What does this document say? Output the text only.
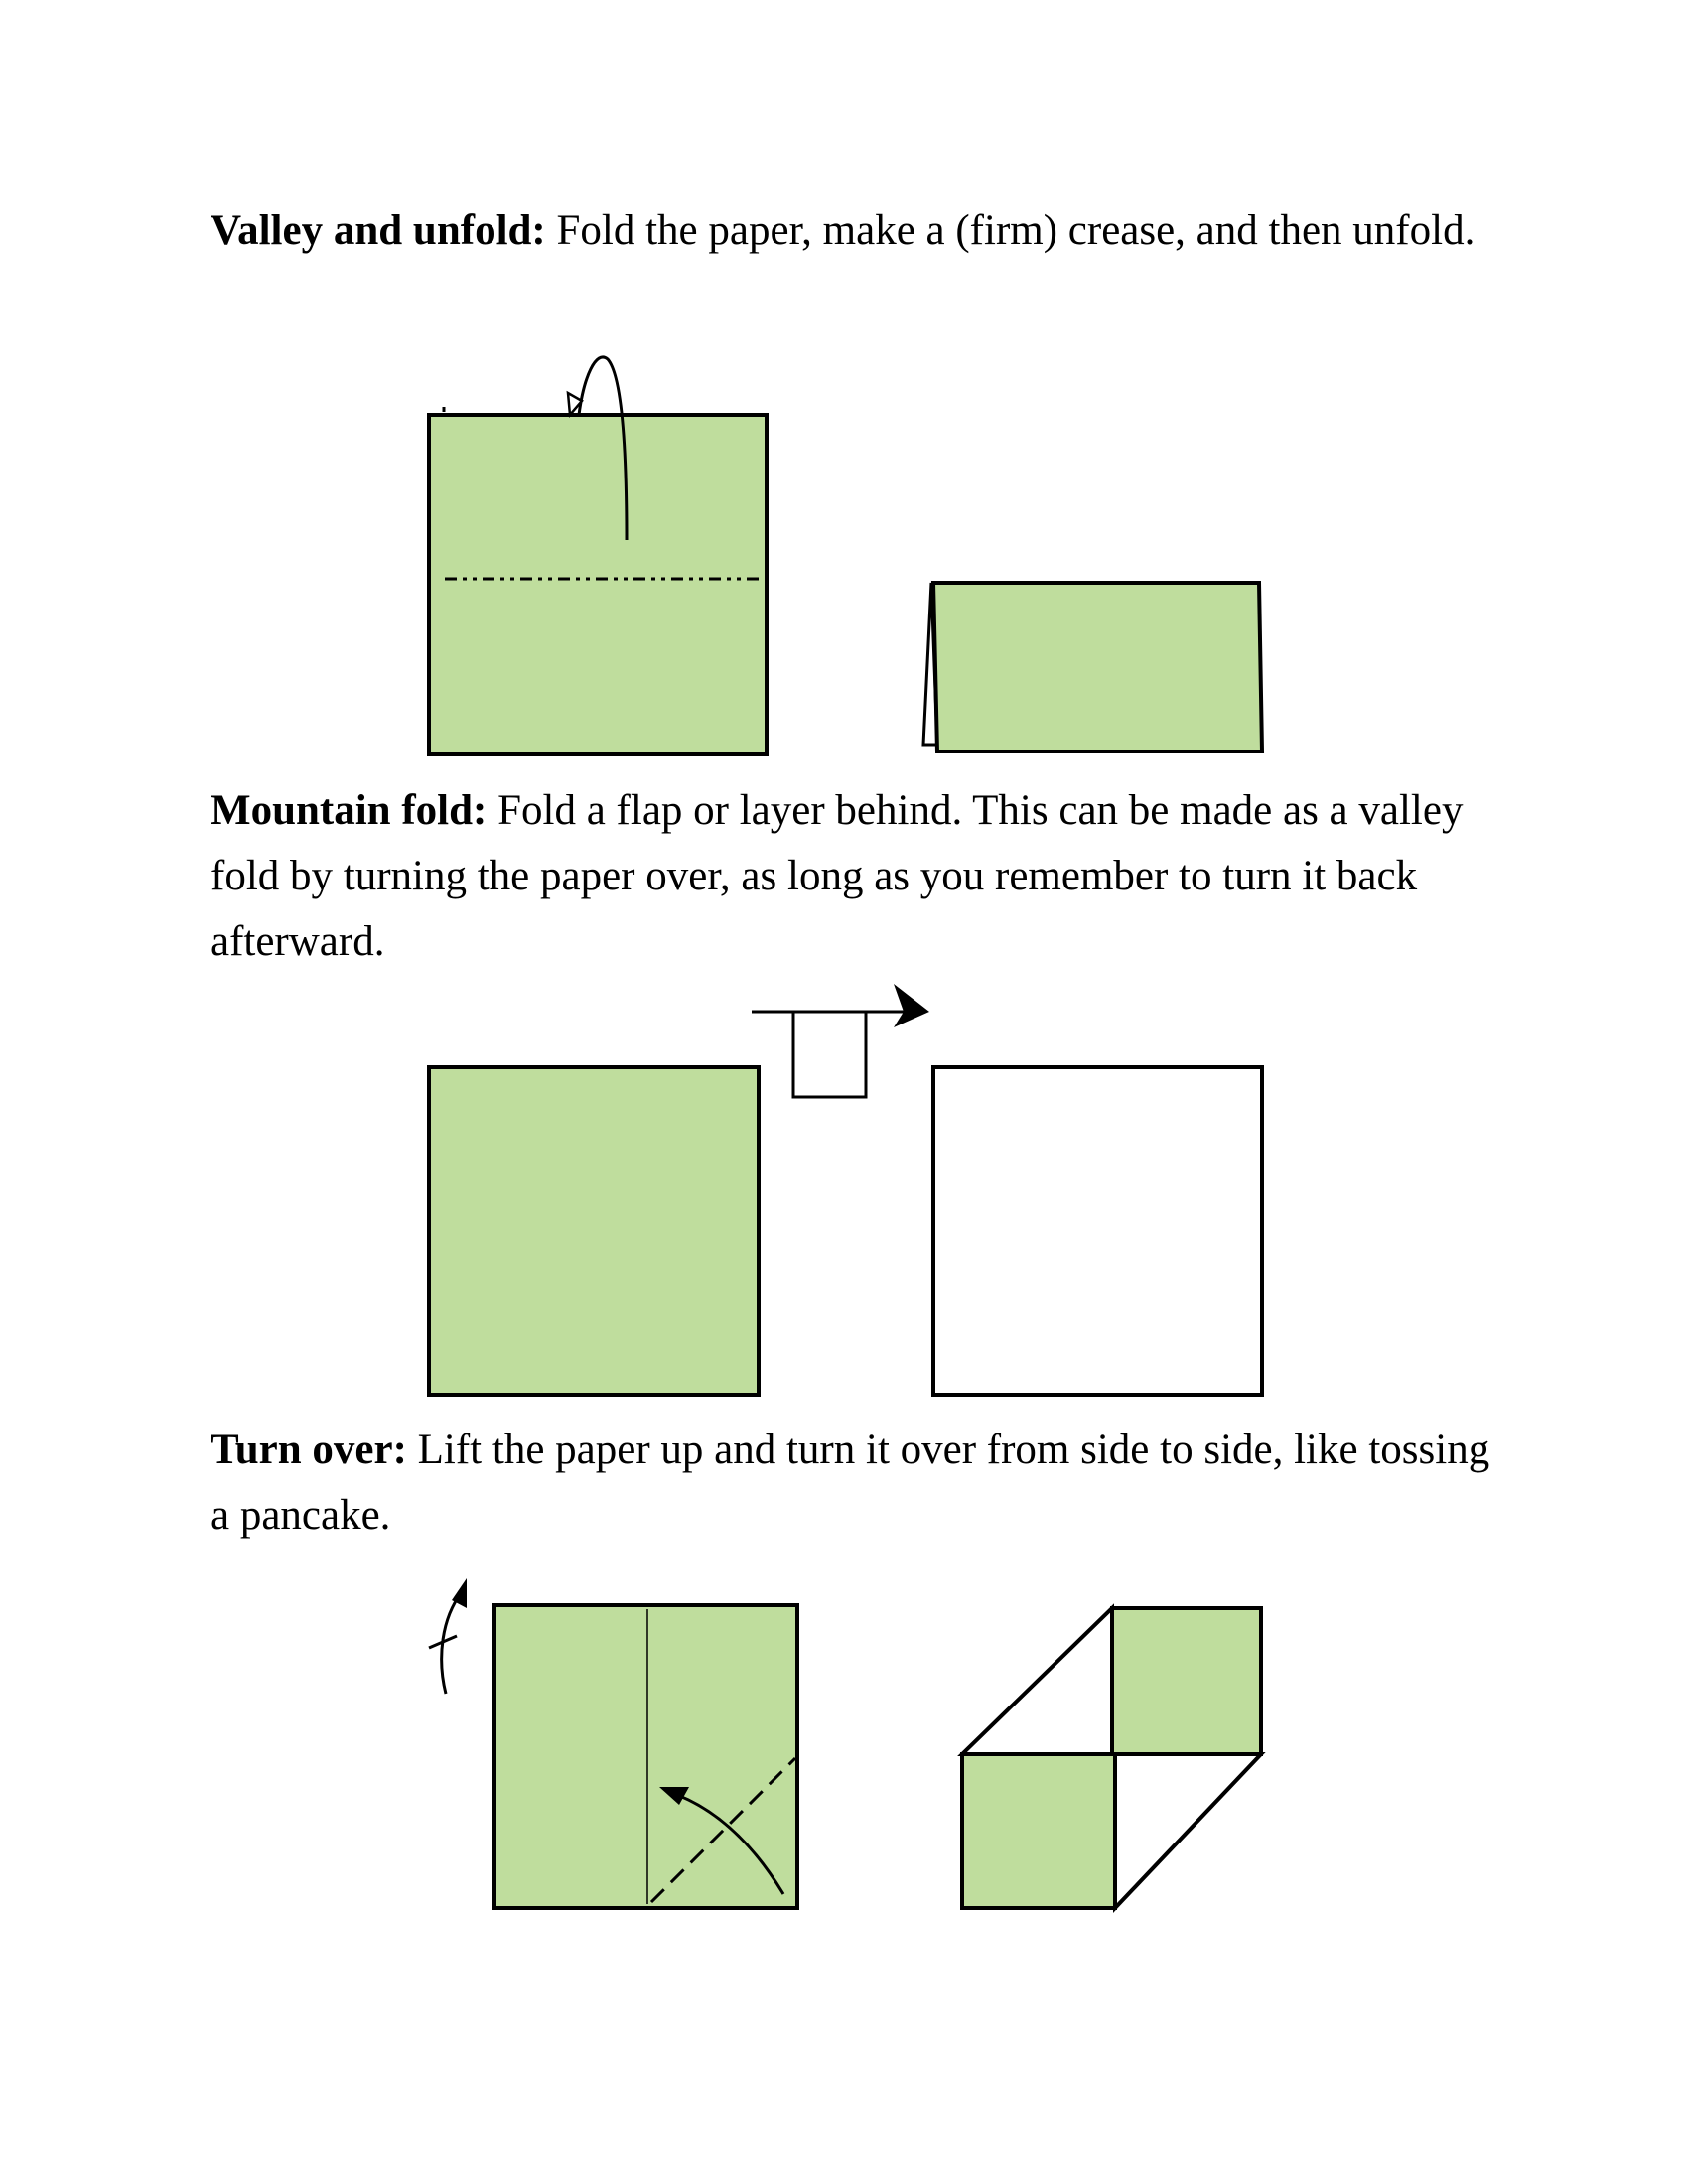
Valley and unfold: Fold the paper, make a (firm) crease, and then unfold.

Mountain fold: Fold a flap or layer behind. This can be made as a valley fold by turning the paper over, as long as you remember to turn it back afterward.

Turn over: Lift the paper up and turn it over from side to side, like tossing a pancake.
